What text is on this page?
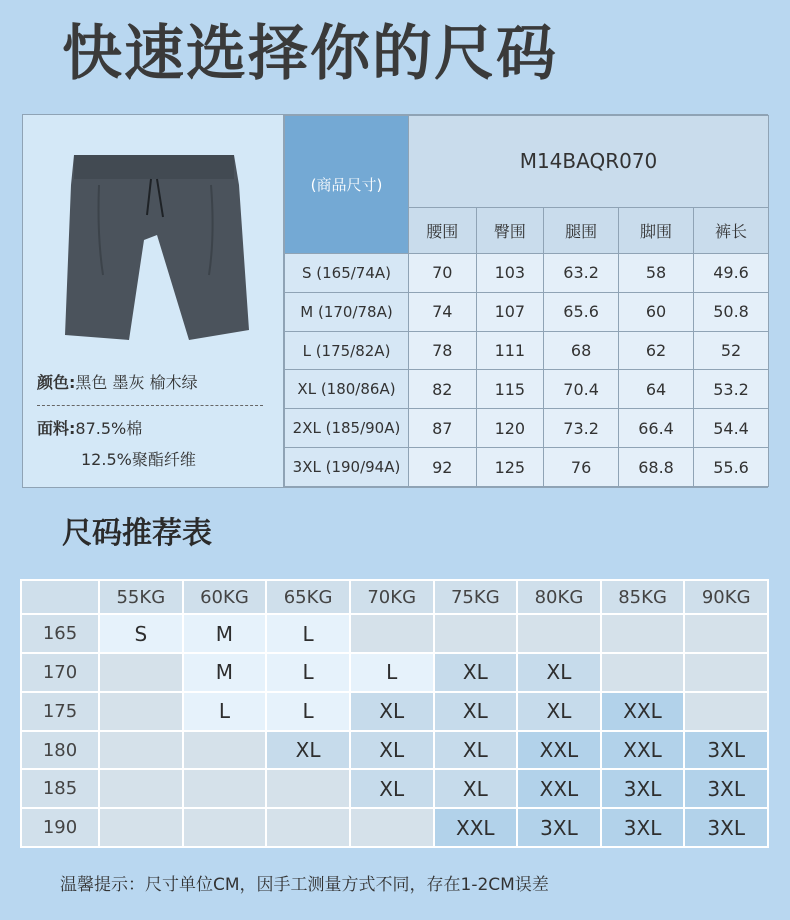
快速选择你的尺码
颜色:黑色 墨灰 榆木绿
面料:87.5%棉
12.5%聚酯纤维
(商品尺寸)	M14BAQR070				
	腰围	臀围	腿围	脚围	裤长
S (165/74A)	70	103	63.2	58	49.6
M (170/78A)	74	107	65.6	60	50.8
L (175/82A)	78	111	68	62	52
XL (180/86A)	82	115	70.4	64	53.2
2XL (185/90A)	87	120	73.2	66.4	54.4
3XL (190/94A)	92	125	76	68.8	55.6
尺码推荐表
	55KG	60KG	65KG	70KG	75KG	80KG	85KG	90KG
165	S	M	L					
170		M	L	L	XL	XL		
175		L	L	XL	XL	XL	XXL	
180			XL	XL	XL	XXL	XXL	3XL
185				XL	XL	XXL	3XL	3XL
190					XXL	3XL	3XL	3XL
温馨提示：尺寸单位CM，因手工测量方式不同，存在1-2CM误差
